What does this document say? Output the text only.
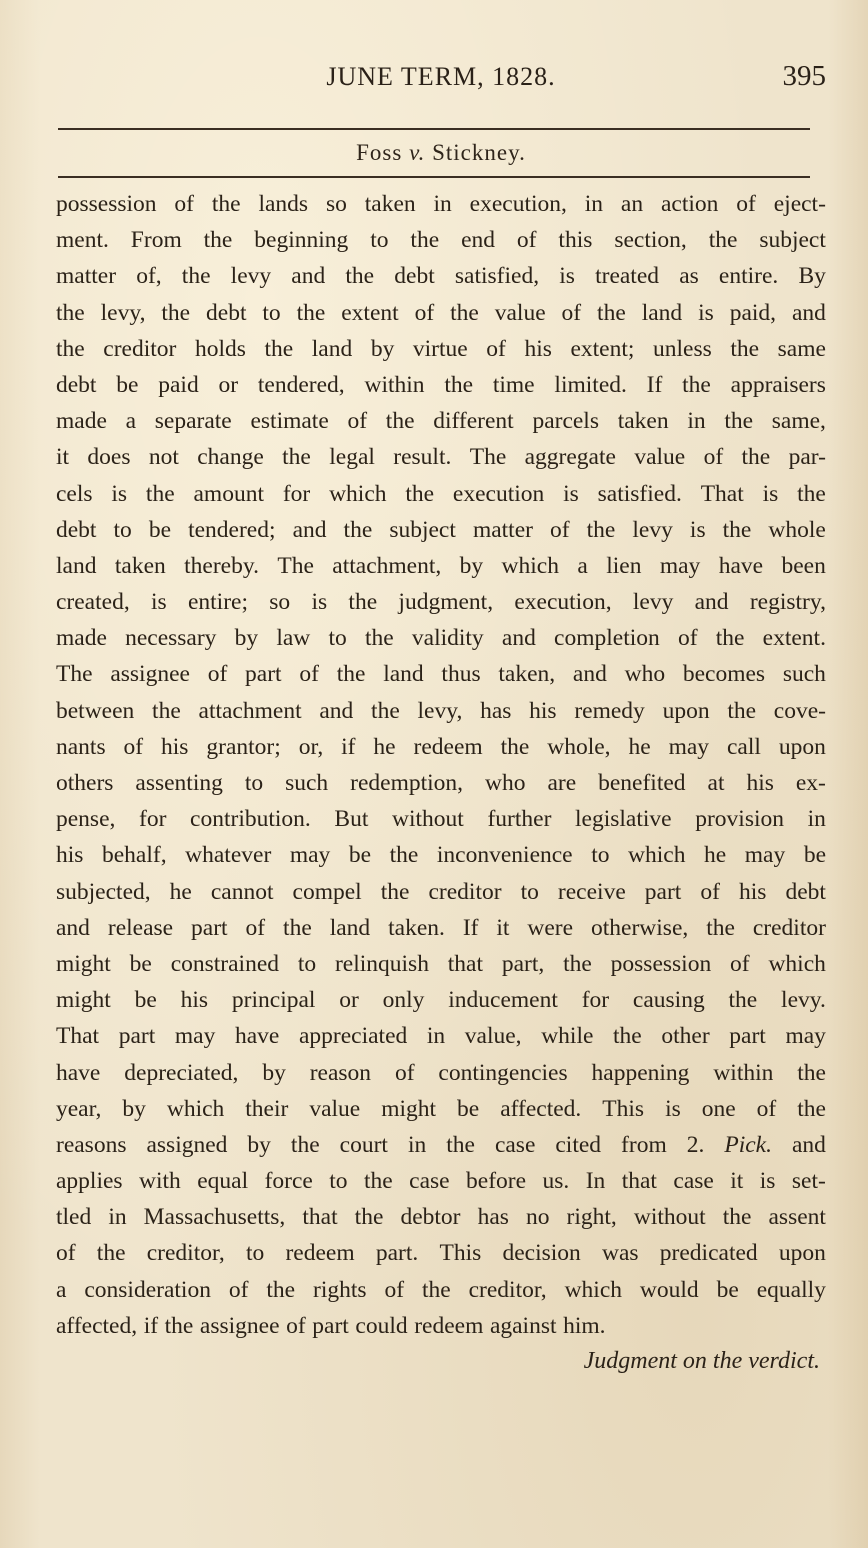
JUNE TERM, 1828.	395
Foss v. Stickney.
possession of the lands so taken in execution, in an action of eject-
ment. From the beginning to the end of this section, the subject
matter of, the levy and the debt satisfied, is treated as entire. By
the levy, the debt to the extent of the value of the land is paid, and
the creditor holds the land by virtue of his extent; unless the same
debt be paid or tendered, within the time limited. If the appraisers
made a separate estimate of the different parcels taken in the same,
it does not change the legal result. The aggregate value of the par-
cels is the amount for which the execution is satisfied. That is the
debt to be tendered; and the subject matter of the levy is the whole
land taken thereby. The attachment, by which a lien may have been
created, is entire; so is the judgment, execution, levy and registry,
made necessary by law to the validity and completion of the extent.
The assignee of part of the land thus taken, and who becomes such
between the attachment and the levy, has his remedy upon the cove-
nants of his grantor; or, if he redeem the whole, he may call upon
others assenting to such redemption, who are benefited at his ex-
pense, for contribution. But without further legislative provision in
his behalf, whatever may be the inconvenience to which he may be
subjected, he cannot compel the creditor to receive part of his debt
and release part of the land taken. If it were otherwise, the creditor
might be constrained to relinquish that part, the possession of which
might be his principal or only inducement for causing the levy.
That part may have appreciated in value, while the other part may
have depreciated, by reason of contingencies happening within the
year, by which their value might be affected. This is one of the
reasons assigned by the court in the case cited from 2. Pick. and
applies with equal force to the case before us. In that case it is set-
tled in Massachusetts, that the debtor has no right, without the assent
of the creditor, to redeem part. This decision was predicated upon
a consideration of the rights of the creditor, which would be equally
affected, if the assignee of part could redeem against him.
Judgment on the verdict.
